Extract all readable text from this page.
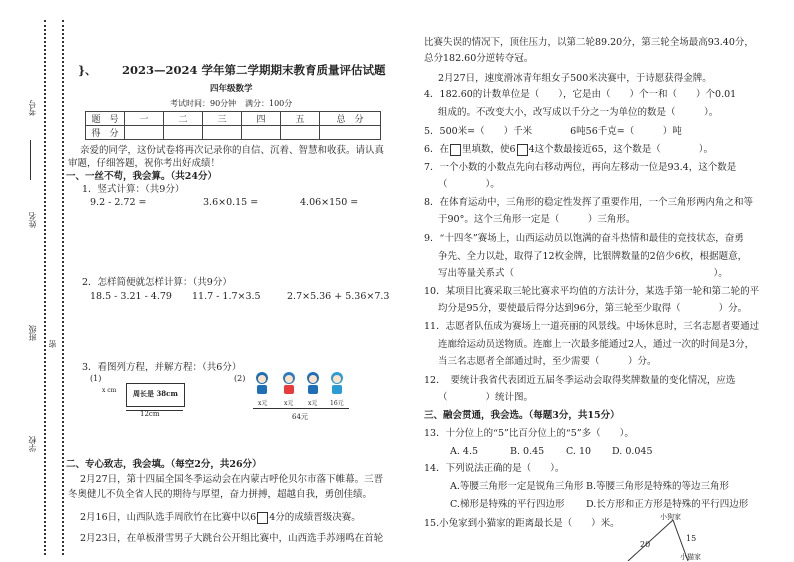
考号
姓名
班级
学校
密
}、 2023—2024 学年第二学期期末教育质量评估试题
四年级数学
考试时间：90分钟 满分：100分
题　号	一	二	三	四	五	总　分
得　分						
亲爱的同学，这份试卷将再次记录你的自信、沉着、智慧和收获。请认真
审题，仔细答题，祝你考出好成绩！
一、一丝不苟，我会算。（共24分）
1．竖式计算：（共9分）
9.2 - 2.72 =	3.6×0.15 =	4.06×150 =
2．怎样简便就怎样计算：（共9分）
18.5 - 3.21 - 4.79 11.7 - 1.7×3.5	2.7×5.36 + 5.36×7.3
3．看图列方程，并解方程：（共6分）
(1)
x cm 周长是 38cm
12cm
(2)
x元	x元 x元 16元
64元
二、专心致志，我会填。（每空2分，共26分）
2月27日，第十四届全国冬季运动会在内蒙古呼伦贝尔市落下帷幕。三晋
冬奥健儿不负全省人民的期待与厚望，奋力拼搏，超越自我，勇创佳绩。
2月16日，山西队选手周欣竹在比赛中以6 4分的成绩晋级决赛。
2月23日，在单板滑雪男子大跳台公开组比赛中，山西选手苏翊鸣在首轮
比赛失误的情况下，顶住压力，以第二轮89.20分，第三轮全场最高93.40分，
总分182.60分逆转夺冠。
2月27日，速度滑冰青年组女子500米决赛中，于诗愿获得金牌。
4．182.60的计数单位是（　　），它是由（　　）个一和（　　）个0.01
组成的。不改变大小，改写成以千分之一为单位的数是（　　　）。
5．500米=（　　）千米　　　　6吨56千克=（　　　）吨
6．在 里填数，使6 4这个数最接近65，这个数是（　　　　）。
7．一个小数的小数点先向右移动两位，再向左移动一位是93.4，这个数是
（　　　　）。
8．在体育运动中，三角形的稳定性发挥了重要作用，一个三角形两内角之和等
于90°。这个三角形一定是（　　　）三角形。
9．“十四冬”赛场上，山西运动员以饱满的奋斗热情和最佳的竞技状态，奋勇
争先、全力以赴，取得了12枚金牌，比银牌数量的2倍少6枚，根据题意，
写出等量关系式（　　　　　　　　　　　　　　　　　　　　　）。
10．某项目比赛采取三轮比赛求平均值的方法计分，某选手第一轮和第二轮的平
均分是95分，要使最后得分达到96分，第三轮至少取得（　　　　）分。
11．志愿者队伍成为赛场上一道亮丽的风景线。中场休息时，三名志愿者要通过
连廊给运动员送物质。连廊上一次最多能通过2人，通过一次的时间是3分，
当三名志愿者全部通过时，至少需要（　　　）分。
12．　要统计我省代表团近五届冬季运动会取得奖牌数量的变化情况，应选
（　　　　）统计图。
三、融会贯通，我会选。（每题3分，共15分）
13．十分位上的“5”比百分位上的“5”多（　　）。
A. 4.5	B. 0.45 C. 10 D. 0.045
14．下列说法正确的是（　　）。
A.等腰三角形一定是锐角三角形 B.等腰三角形是特殊的等边三角形
C.梯形是特殊的平行四边形 D.长方形和正方形是特殊的平行四边形
15.小兔家到小猫家的距离最长是（　　）米。
小狗家
20
15
小猫家
